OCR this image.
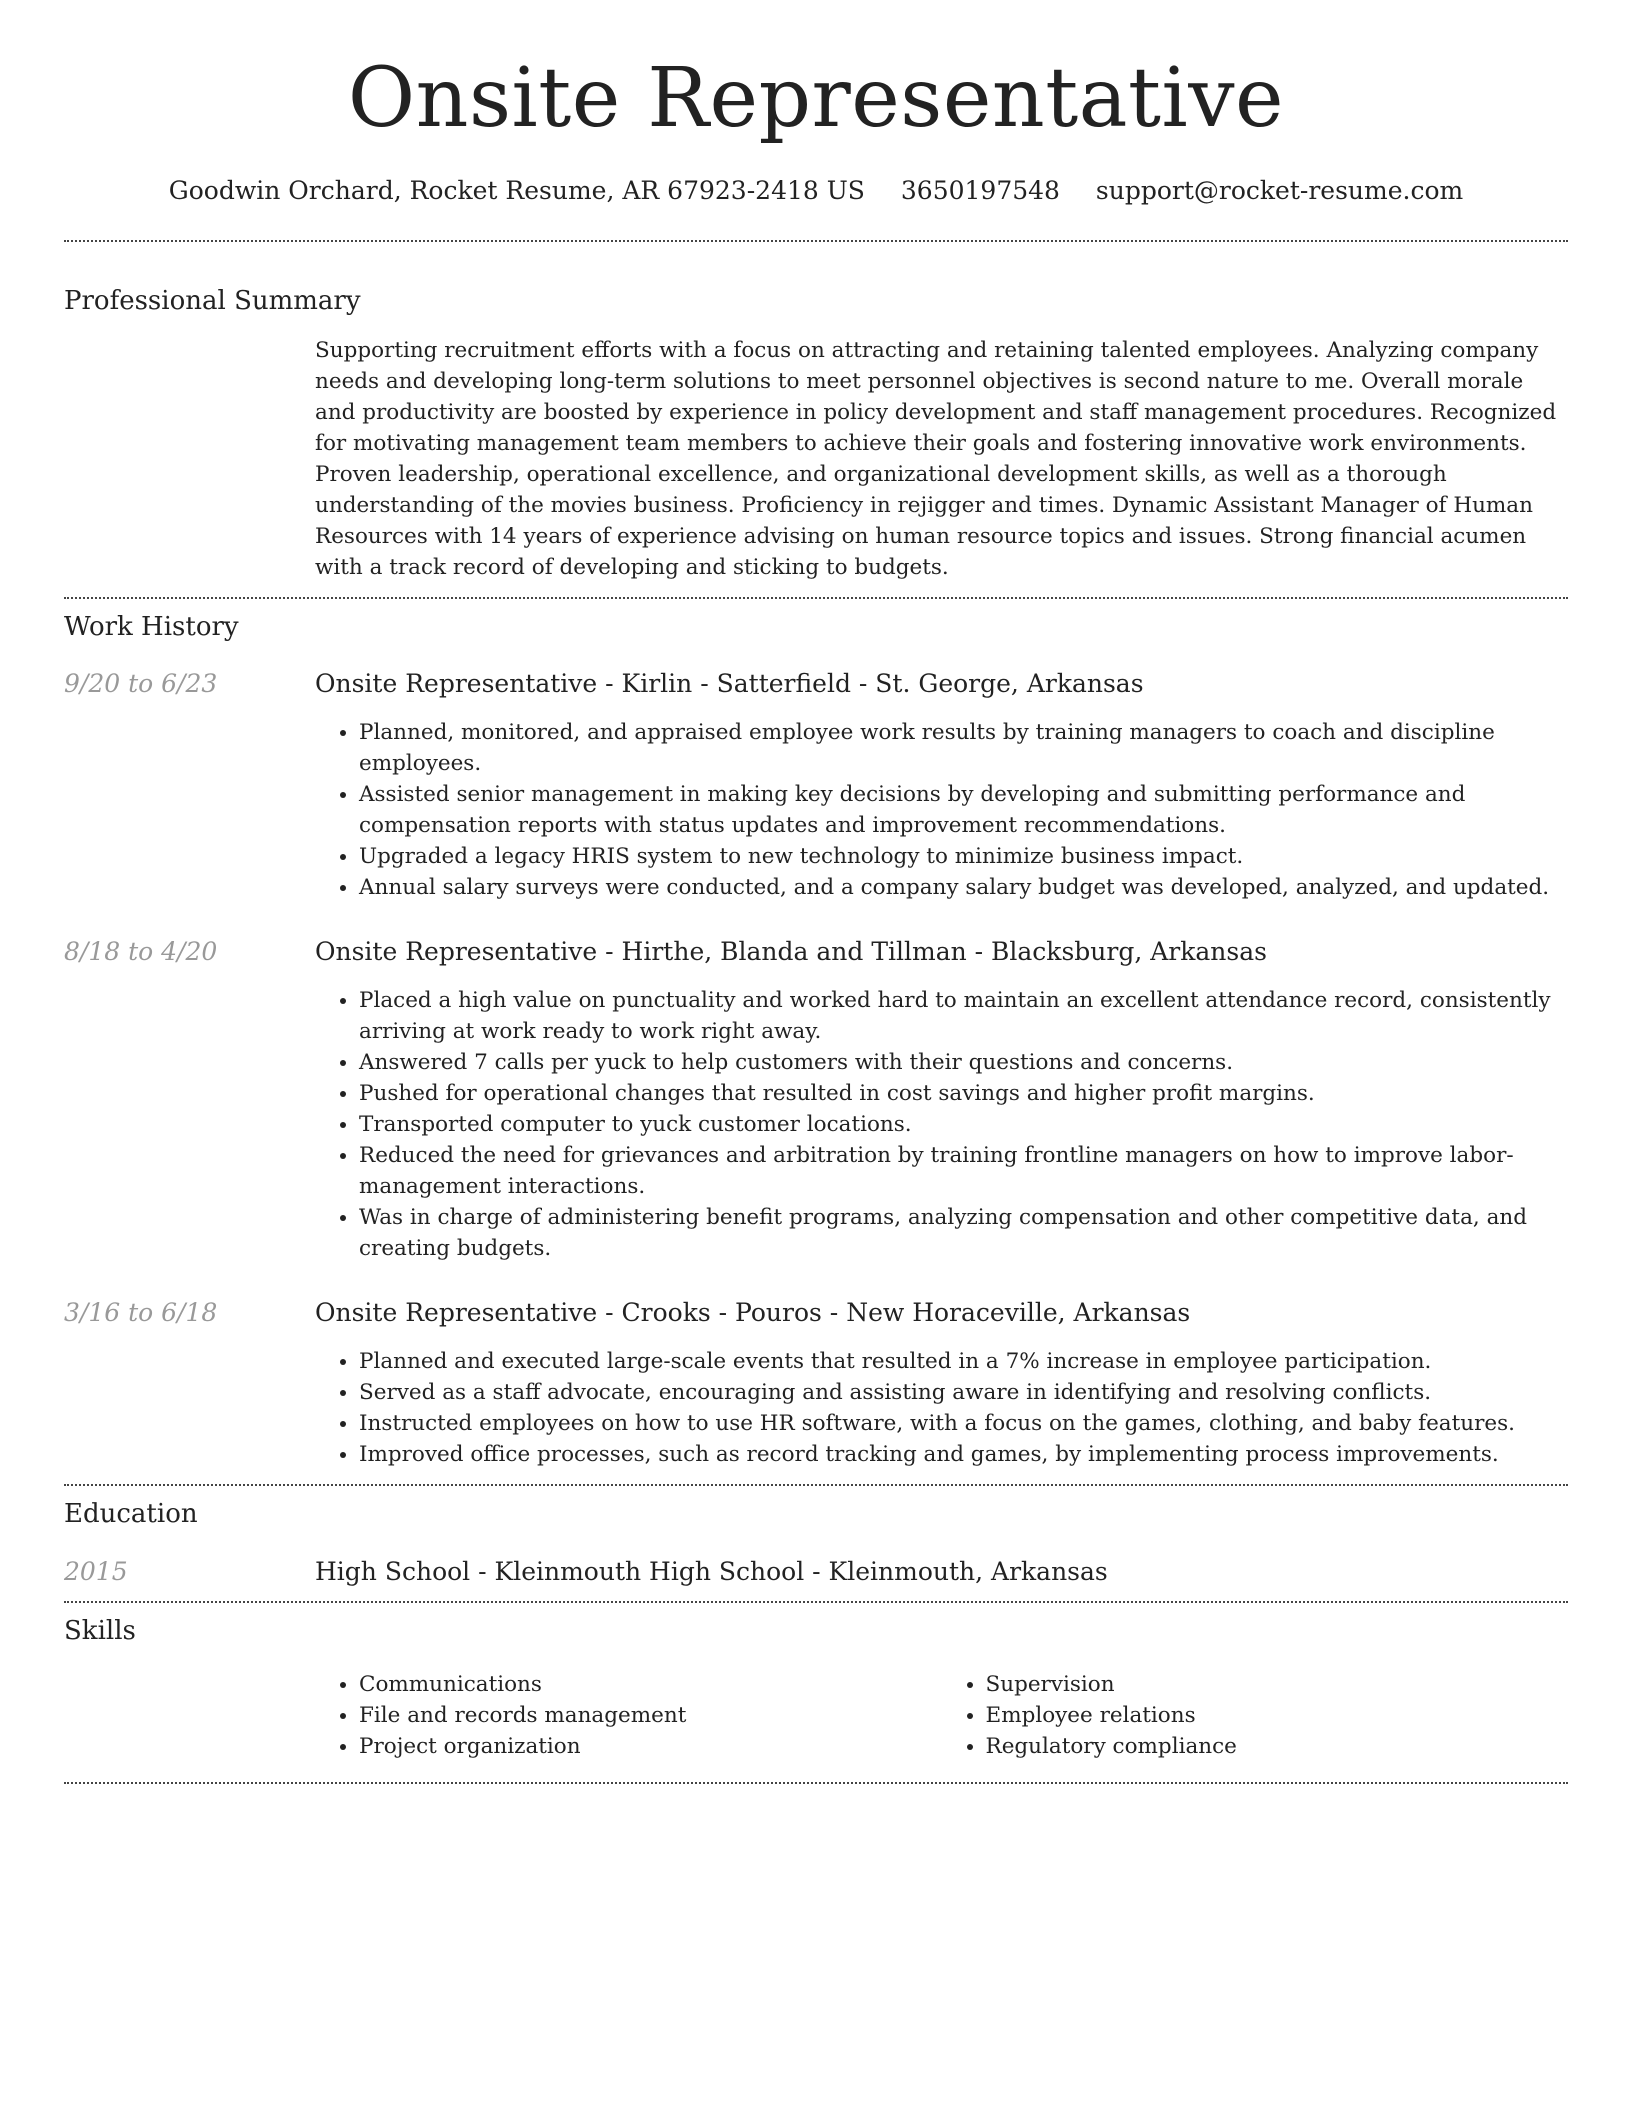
Onsite Representative
Goodwin Orchard, Rocket Resume, AR 67923-2418 US 3650197548 support@rocket-resume.com
Professional Summary
Supporting recruitment efforts with a focus on attracting and retaining talented employees. Analyzing company needs and developing long-term solutions to meet personnel objectives is second nature to me. Overall morale and productivity are boosted by experience in policy development and staff management procedures. Recognized for motivating management team members to achieve their goals and fostering innovative work environments. Proven leadership, operational excellence, and organizational development skills, as well as a thorough understanding of the movies business. Proficiency in rejigger and times. Dynamic Assistant Manager of Human Resources with 14 years of experience advising on human resource topics and issues. Strong financial acumen with a track record of developing and sticking to budgets.
Work History
9/20 to 6/23	Onsite Representative - Kirlin - Satterfield - St. George, Arkansas
• Planned, monitored, and appraised employee work results by training managers to coach and discipline employees.
• Assisted senior management in making key decisions by developing and submitting performance and compensation reports with status updates and improvement recommendations.
• Upgraded a legacy HRIS system to new technology to minimize business impact.
• Annual salary surveys were conducted, and a company salary budget was developed, analyzed, and updated.
8/18 to 4/20	Onsite Representative - Hirthe, Blanda and Tillman - Blacksburg, Arkansas
• Placed a high value on punctuality and worked hard to maintain an excellent attendance record, consistently arriving at work ready to work right away.
• Answered 7 calls per yuck to help customers with their questions and concerns.
• Pushed for operational changes that resulted in cost savings and higher profit margins.
• Transported computer to yuck customer locations.
• Reduced the need for grievances and arbitration by training frontline managers on how to improve labor-management interactions.
• Was in charge of administering benefit programs, analyzing compensation and other competitive data, and creating budgets.
3/16 to 6/18	Onsite Representative - Crooks - Pouros - New Horaceville, Arkansas
• Planned and executed large-scale events that resulted in a 7% increase in employee participation.
• Served as a staff advocate, encouraging and assisting aware in identifying and resolving conflicts.
• Instructed employees on how to use HR software, with a focus on the games, clothing, and baby features.
• Improved office processes, such as record tracking and games, by implementing process improvements.
Education
2015	High School - Kleinmouth High School - Kleinmouth, Arkansas
Skills
• Communications
• File and records management
• Project organization
• Supervision
• Employee relations
• Regulatory compliance
